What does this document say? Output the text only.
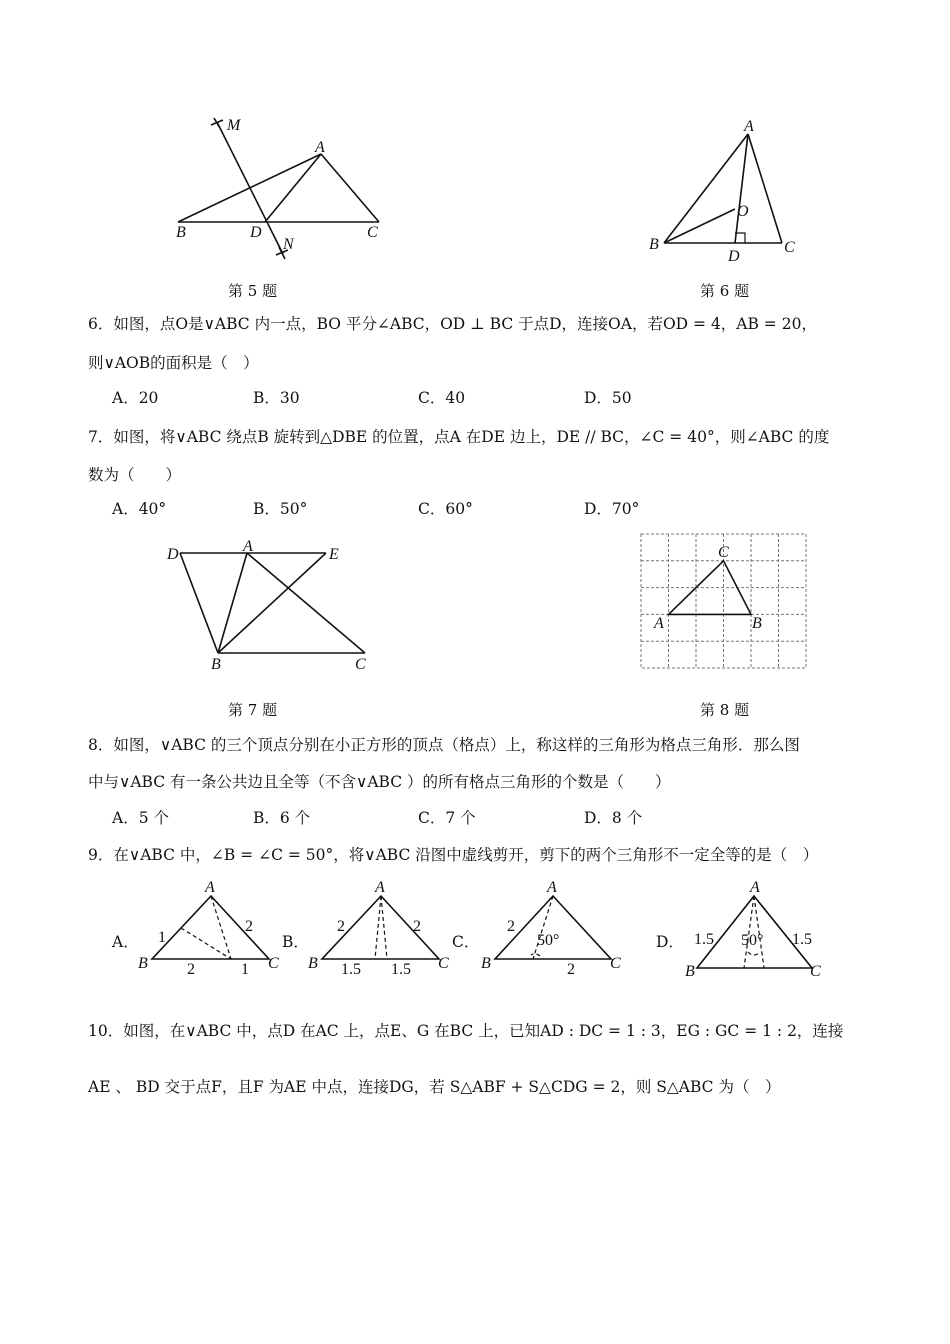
M
A
B	D	C
N
第 5 题
A
O
B
D
C
第 6 题
6．如图，点O是∨ABC 内一点，BO 平分∠ABC，OD ⊥ BC 于点D，连接OA，若OD = 4，AB = 20，
则∨AOB的面积是（　）
A．20	B．30	C．40	D．50
7．如图，将∨ABC 绕点B 旋转到△DBE 的位置，点A 在DE 边上，DE // BC，∠C = 40°，则∠ABC 的度
数为（　　）
A．40°	B．50°	C．60°	D．70°
D	A	E
B	C
第 7 题
C
A	B
第 8 题
8．如图，∨ABC 的三个顶点分别在小正方形的顶点（格点）上，称这样的三角形为格点三角形．那么图
中与∨ABC 有一条公共边且全等（不含∨ABC ）的所有格点三角形的个数是（　　）
A．5 个	B．6 个	C．7 个	D．8 个
9．在∨ABC 中，∠B = ∠C = 50°，将∨ABC 沿图中虚线剪开，剪下的两个三角形不一定全等的是（　）
A．
A
B	C
1
2
2	1
B．
A
B	C
2	2
1.5 1.5
C．
A
B	C
2
50°
2
D．
A
B	C
1.5 50° 1.5
10．如图，在∨ABC 中，点D 在AC 上，点E、G 在BC 上，已知AD : DC = 1 : 3，EG : GC = 1 : 2，连接
AE 、 BD 交于点F，且F 为AE 中点，连接DG，若 S△ABF + S△CDG = 2，则 S△ABC 为（　）
